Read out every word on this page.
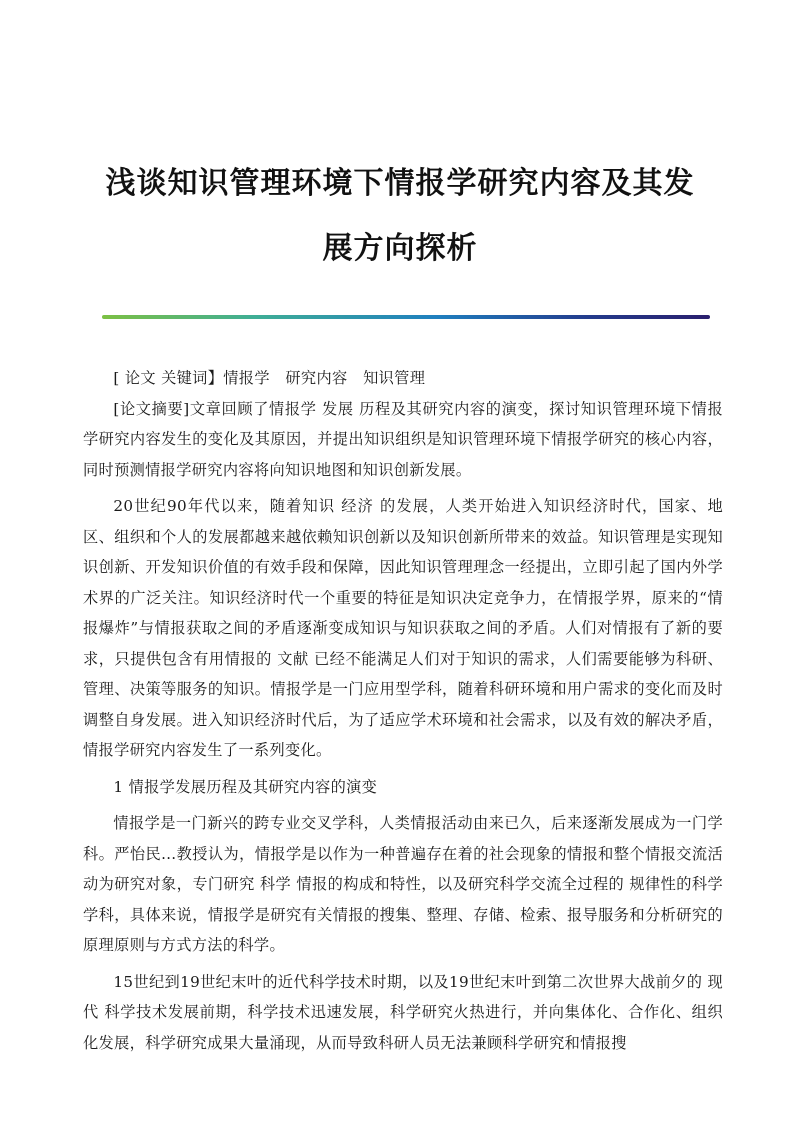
浅谈知识管理环境下情报学研究内容及其发
展方向探析

[ 论文 关键词】情报学　研究内容　知识管理

[论文摘要]文章回顾了情报学 发展 历程及其研究内容的演变，探讨知识管理环境下情报学研究内容发生的变化及其原因，并提出知识组织是知识管理环境下情报学研究的核心内容，同时预测情报学研究内容将向知识地图和知识创新发展。

20世纪90年代以来，随着知识 经济 的发展，人类开始进入知识经济时代，国家、地区、组织和个人的发展都越来越依赖知识创新以及知识创新所带来的效益。知识管理是实现知识创新、开发知识价值的有效手段和保障，因此知识管理理念一经提出，立即引起了国内外学术界的广泛关注。知识经济时代一个重要的特征是知识决定竞争力，在情报学界，原来的“情报爆炸”与情报获取之间的矛盾逐渐变成知识与知识获取之间的矛盾。人们对情报有了新的要求，只提供包含有用情报的 文献 已经不能满足人们对于知识的需求，人们需要能够为科研、管理、决策等服务的知识。情报学是一门应用型学科，随着科研环境和用户需求的变化而及时调整自身发展。进入知识经济时代后，为了适应学术环境和社会需求，以及有效的解决矛盾，情报学研究内容发生了一系列变化。

1 情报学发展历程及其研究内容的演变

情报学是一门新兴的跨专业交叉学科，人类情报活动由来已久，后来逐渐发展成为一门学科。严怡民…教授认为，情报学是以作为一种普遍存在着的社会现象的情报和整个情报交流活动为研究对象，专门研究 科学 情报的构成和特性，以及研究科学交流全过程的 规律性的科学学科，具体来说，情报学是研究有关情报的搜集、整理、存储、检索、报导服务和分析研究的原理原则与方式方法的科学。

15世纪到19世纪末叶的近代科学技术时期，以及19世纪末叶到第二次世界大战前夕的 现代 科学技术发展前期，科学技术迅速发展，科学研究火热进行，并向集体化、合作化、组织化发展，科学研究成果大量涌现，从而导致科研人员无法兼顾科学研究和情报搜
